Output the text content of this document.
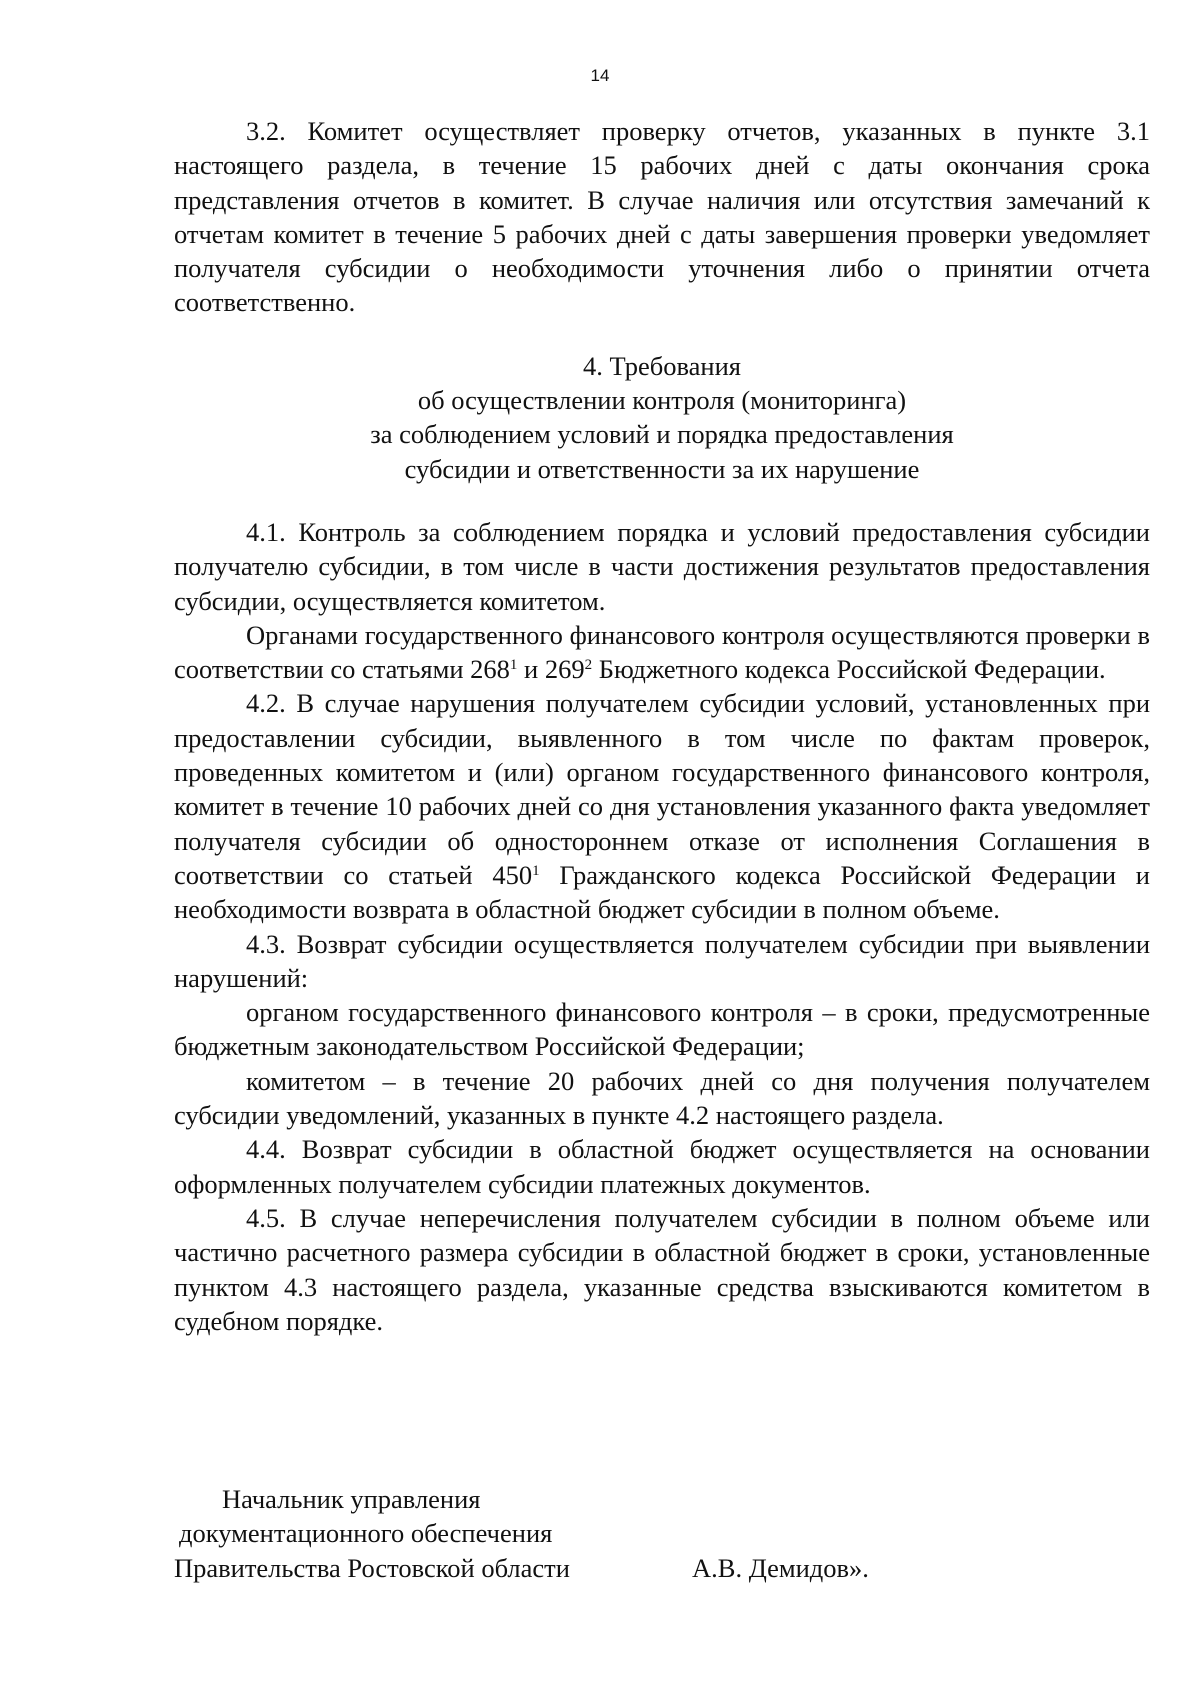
14

3.2. Комитет осуществляет проверку отчетов, указанных в пункте 3.1 настоящего раздела, в течение 15 рабочих дней с даты окончания срока представления отчетов в комитет. В случае наличия или отсутствия замечаний к отчетам комитет в течение 5 рабочих дней с даты завершения проверки уведомляет получателя субсидии о необходимости уточнения либо о принятии отчета соответственно.

4. Требования
об осуществлении контроля (мониторинга)
за соблюдением условий и порядка предоставления
субсидии и ответственности за их нарушение

4.1. Контроль за соблюдением порядка и условий предоставления субсидии получателю субсидии, в том числе в части достижения результатов предоставления субсидии, осуществляется комитетом.

Органами государственного финансового контроля осуществляются проверки в соответствии со статьями $268^1$ и $269^2$ Бюджетного кодекса Российской Федерации.

4.2. В случае нарушения получателем субсидии условий, установленных при предоставлении субсидии, выявленного в том числе по фактам проверок, проведенных комитетом и (или) органом государственного финансового контроля, комитет в течение 10 рабочих дней со дня установления указанного факта уведомляет получателя субсидии об одностороннем отказе от исполнения Соглашения в соответствии со статьей $450^1$ Гражданского кодекса Российской Федерации и необходимости возврата в областной бюджет субсидии в полном объеме.

4.3. Возврат субсидии осуществляется получателем субсидии при выявлении нарушений:

органом государственного финансового контроля – в сроки, предусмотренные бюджетным законодательством Российской Федерации;

комитетом – в течение 20 рабочих дней со дня получения получателем субсидии уведомлений, указанных в пункте 4.2 настоящего раздела.

4.4. Возврат субсидии в областной бюджет осуществляется на основании оформленных получателем субсидии платежных документов.

4.5. В случае неперечисления получателем субсидии в полном объеме или частично расчетного размера субсидии в областной бюджет в сроки, установленные пунктом 4.3 настоящего раздела, указанные средства взыскиваются комитетом в судебном порядке.

Начальник управления
документационного обеспечения
Правительства Ростовской области	А.В. Демидов».
